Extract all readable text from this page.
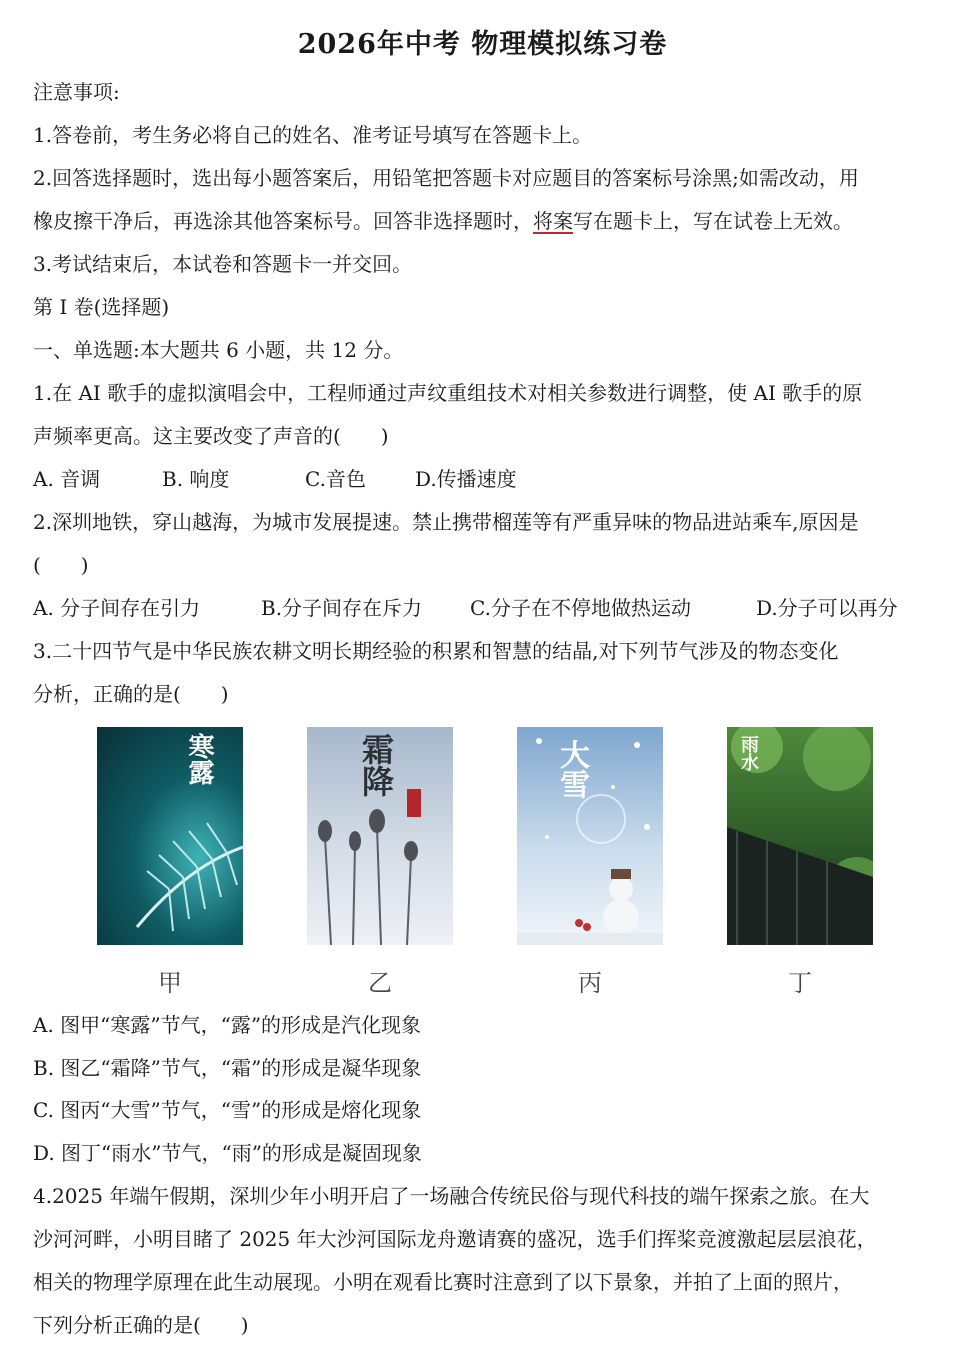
2026年中考 物理模拟练习卷
注意事项:
1.答卷前，考生务必将自己的姓名、准考证号填写在答题卡上。
2.回答选择题时，选出每小题答案后，用铅笔把答题卡对应题目的答案标号涂黑;如需改动，用
橡皮擦干净后，再选涂其他答案标号。回答非选择题时，将案写在题卡上，写在试卷上无效。
3.考试结束后，本试卷和答题卡一并交回。
第 I 卷(选择题)
一、单选题:本大题共 6 小题，共 12 分。
1.在 AI 歌手的虚拟演唱会中，工程师通过声纹重组技术对相关参数进行调整，使 AI 歌手的原
声频率更高。这主要改变了声音的(　　)
A. 音调	B. 响度	C.音色 D.传播速度
2.深圳地铁，穿山越海，为城市发展提速。禁止携带榴莲等有严重异味的物品进站乘车,原因是
(　　)
A. 分子间存在引力	B.分子间存在斥力 C.分子在不停地做热运动	D.分子可以再分
3.二十四节气是中华民族农耕文明长期经验的积累和智慧的结晶,对下列节气涉及的物态变化
分析，正确的是(　　)
寒露
甲
霜降
乙
大雪
丙
雨水
丁
A. 图甲“寒露”节气，“露”的形成是汽化现象
B. 图乙“霜降”节气，“霜”的形成是凝华现象
C. 图丙“大雪”节气，“雪”的形成是熔化现象
D. 图丁“雨水”节气，“雨”的形成是凝固现象
4.2025 年端午假期，深圳少年小明开启了一场融合传统民俗与现代科技的端午探索之旅。在大
沙河河畔，小明目睹了 2025 年大沙河国际龙舟邀请赛的盛况，选手们挥桨竞渡激起层层浪花，
相关的物理学原理在此生动展现。小明在观看比赛时注意到了以下景象，并拍了上面的照片，
下列分析正确的是(　　)
